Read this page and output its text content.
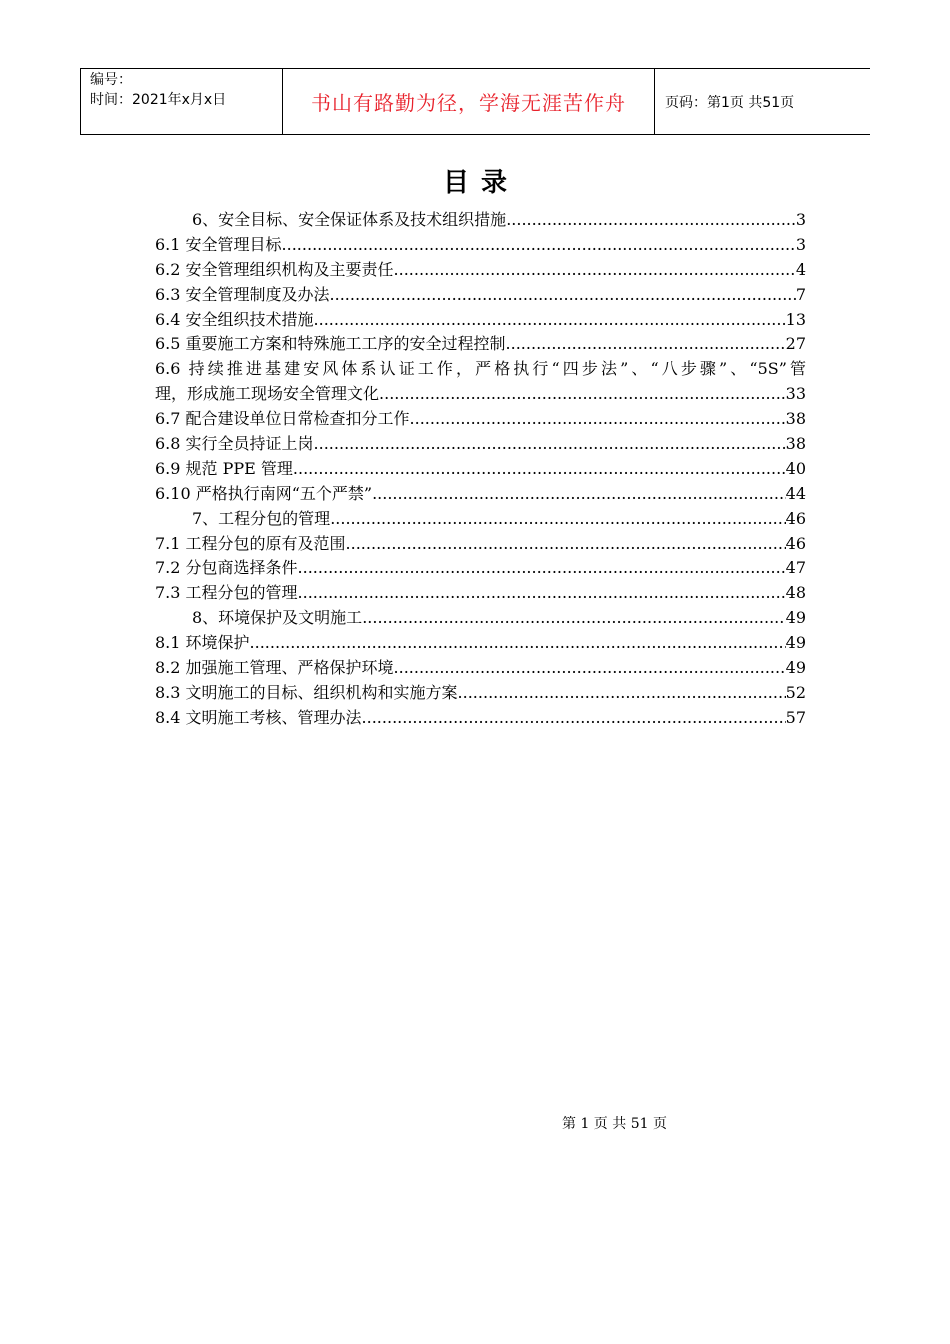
编号：
时间：2021年x月x日	书山有路勤为径，学海无涯苦作舟	页码：第1页 共51页
目录
6、安全目标、安全保证体系及技术组织措施 .....	3
6.1 安全管理目标 .....	3
6.2 安全管理组织机构及主要责任 .....	4
6.3 安全管理制度及办法 .....	7
6.4 安全组织技术措施 .....	13
6.5 重要施工方案和特殊施工工序的安全过程控制 .....	27
6.6 持续推进基建安风体系认证工作，严格执行“四步法”、“八步骤”、“5S”管
理，形成施工现场安全管理文化 .....	33
6.7 配合建设单位日常检查扣分工作 .....	38
6.8 实行全员持证上岗 .....	38
6.9 规范 PPE 管理 .....	40
6.10 严格执行南网“五个严禁” .....	44
7、工程分包的管理 .....	46
7.1 工程分包的原有及范围 .....	46
7.2 分包商选择条件 .....	47
7.3 工程分包的管理 .....	48
8、环境保护及文明施工 .....	49
8.1 环境保护 .....	49
8.2 加强施工管理、严格保护环境 .....	49
8.3 文明施工的目标、组织机构和实施方案 .....	52
8.4 文明施工考核、管理办法 .....	57
第 1 页 共 51 页
